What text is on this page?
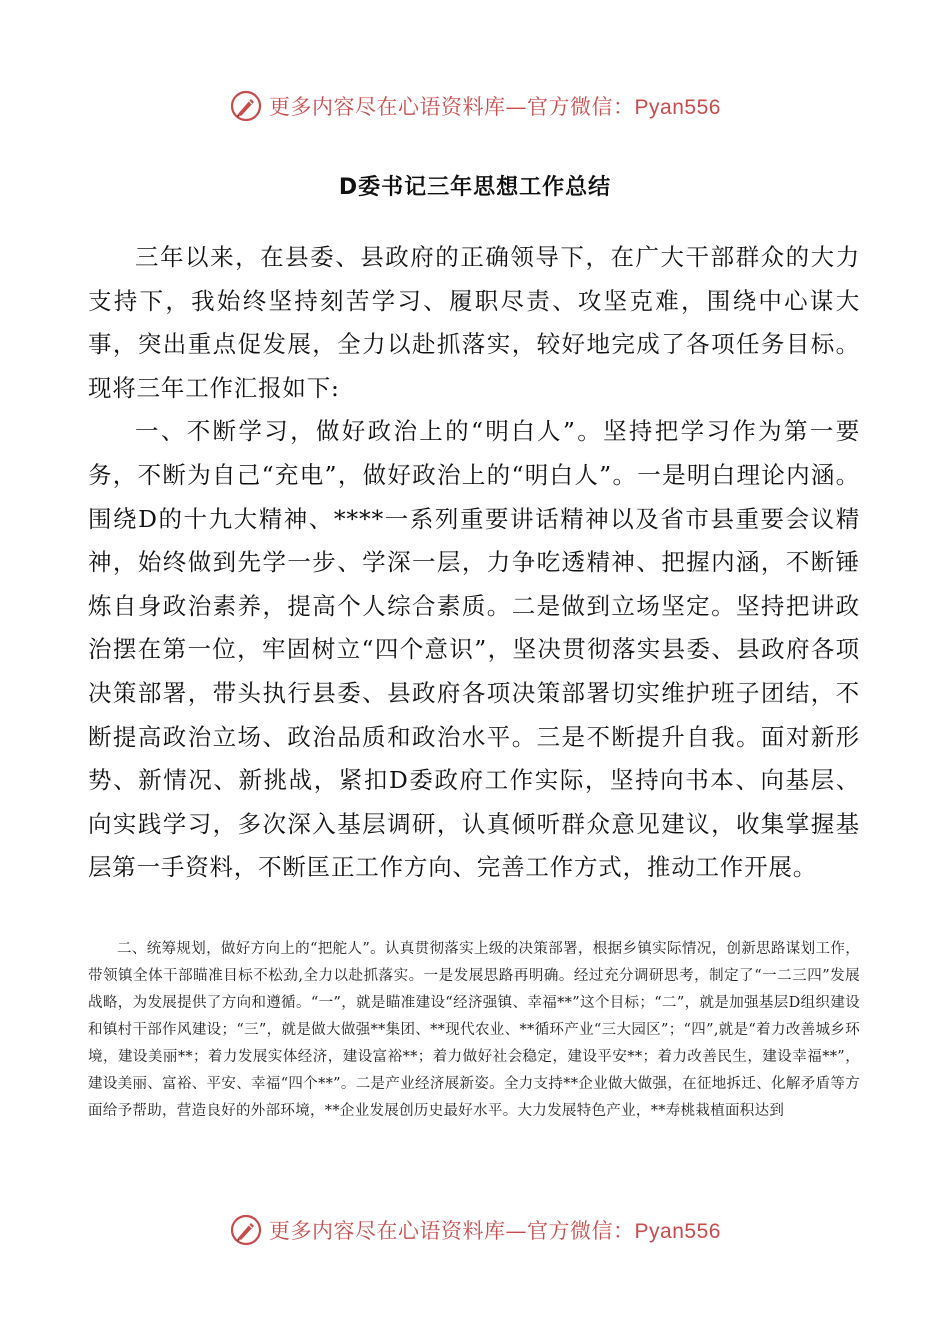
更多内容尽在心语资料库—官方微信：Pyan556
D委书记三年思想工作总结

三年以来，在县委、县政府的正确领导下，在广大干部群众的大力支持下，我始终坚持刻苦学习、履职尽责、攻坚克难，围绕中心谋大事，突出重点促发展，全力以赴抓落实，较好地完成了各项任务目标。现将三年工作汇报如下:

一、不断学习，做好政治上的“明白人”。坚持把学习作为第一要务，不断为自己“充电”，做好政治上的“明白人”。一是明白理论内涵。围绕D的十九大精神、****一系列重要讲话精神以及省市县重要会议精神，始终做到先学一步、学深一层，力争吃透精神、把握内涵，不断锤炼自身政治素养，提高个人综合素质。二是做到立场坚定。坚持把讲政治摆在第一位，牢固树立“四个意识”，坚决贯彻落实县委、县政府各项决策部署，带头执行县委、县政府各项决策部署切实维护班子团结，不断提高政治立场、政治品质和政治水平。三是不断提升自我。面对新形势、新情况、新挑战，紧扣D委政府工作实际，坚持向书本、向基层、向实践学习，多次深入基层调研，认真倾听群众意见建议，收集掌握基层第一手资料，不断匡正工作方向、完善工作方式，推动工作开展。

二、统筹规划，做好方向上的“把舵人”。认真贯彻落实上级的决策部署，根据乡镇实际情况，创新思路谋划工作，带领镇全体干部瞄准目标不松劲,全力以赴抓落实。一是发展思路再明确。经过充分调研思考，制定了“一二三四”发展战略，为发展提供了方向和遵循。“一”，就是瞄准建设“经济强镇、幸福**”这个目标；“二”，就是加强基层D组织建设和镇村干部作风建设；“三”，就是做大做强**集团、**现代农业、**循环产业“三大园区”；“四”,就是“着力改善城乡环境，建设美丽**；着力发展实体经济，建设富裕**；着力做好社会稳定，建设平安**；着力改善民生，建设幸福**”，建设美丽、富裕、平安、幸福“四个**”。二是产业经济展新姿。全力支持**企业做大做强，在征地拆迁、化解矛盾等方面给予帮助，营造良好的外部环境，**企业发展创历史最好水平。大力发展特色产业，**寿桃栽植面积达到

更多内容尽在心语资料库—官方微信：Pyan556
